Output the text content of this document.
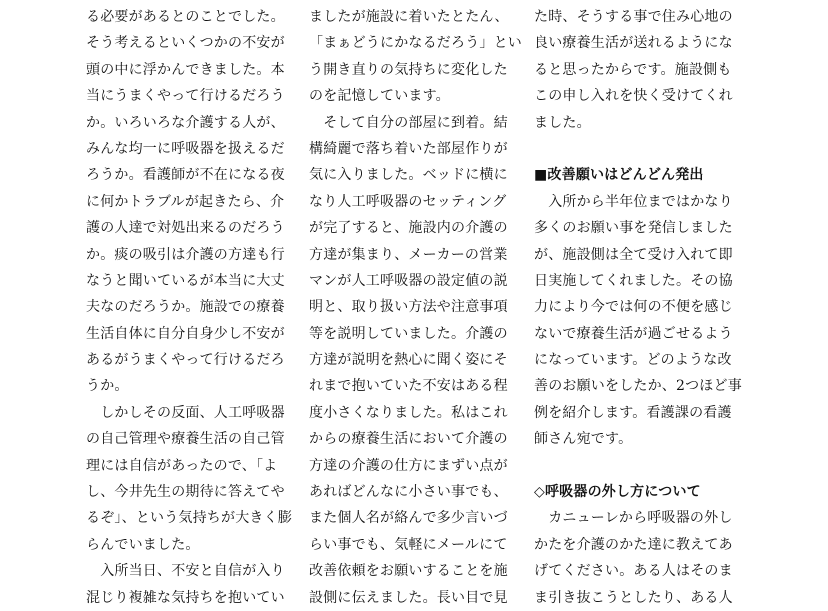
る必要があるとのことでした。
そう考えるといくつかの不安が
頭の中に浮かんできました。本
当にうまくやって行けるだろう
か。いろいろな介護する人が、
みんな均一に呼吸器を扱えるだ
ろうか。看護師が不在になる夜
に何かトラブルが起きたら、介
護の人達で対処出来るのだろう
か。痰の吸引は介護の方達も行
なうと聞いているが本当に大丈
夫なのだろうか。施設での療養
生活自体に自分自身少し不安が
あるがうまくやって行けるだろ
うか。
　しかしその反面、人工呼吸器
の自己管理や療養生活の自己管
理には自信があったので、「よ
し、今井先生の期待に答えてや
るぞ」、という気持ちが大きく膨
らんでいました。
　入所当日、不安と自信が入り
混じり複雑な気持ちを抱いてい
ましたが施設に着いたとたん、
「まぁどうにかなるだろう」とい
う開き直りの気持ちに変化した
のを記憶しています。
　そして自分の部屋に到着。結
構綺麗で落ち着いた部屋作りが
気に入りました。ベッドに横に
なり人工呼吸器のセッティング
が完了すると、施設内の介護の
方達が集まり、メーカーの営業
マンが人工呼吸器の設定値の説
明と、取り扱い方法や注意事項
等を説明していました。介護の
方達が説明を熱心に聞く姿にそ
れまで抱いていた不安はある程
度小さくなりました。私はこれ
からの療養生活において介護の
方達の介護の仕方にまずい点が
あればどんなに小さい事でも、
また個人名が絡んで多少言いづ
らい事でも、気軽にメールにて
改善依頼をお願いすることを施
設側に伝えました。長い目で見
た時、そうする事で住み心地の
良い療養生活が送れるようにな
ると思ったからです。施設側も
この申し入れを快く受けてくれ
ました。
■改善願いはどんどん発出
　入所から半年位まではかなり
多くのお願い事を発信しました
が、施設側は全て受け入れて即
日実施してくれました。その協
力により今では何の不便を感じ
ないで療養生活が過ごせるよう
になっています。どのような改
善のお願いをしたか、2つほど事
例を紹介します。看護課の看護
師さん宛です。
◇呼吸器の外し方について
　カニューレから呼吸器の外し
かたを介護のかた達に教えてあ
げてください。ある人はそのま
ま引き抜こうとしたり、ある人
